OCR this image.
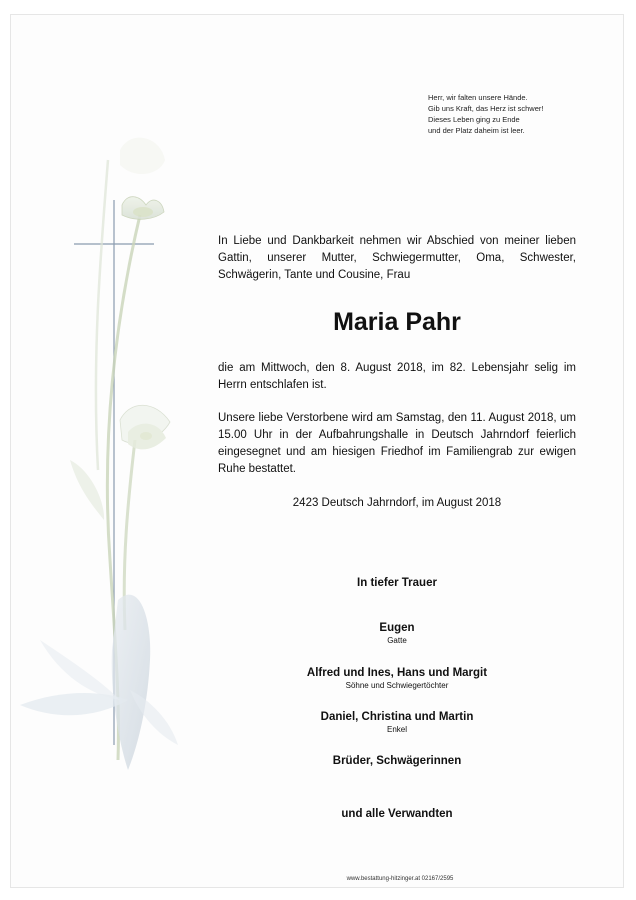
Herr, wir falten unsere Hände.
Gib uns Kraft, das Herz ist schwer!
Dieses Leben ging zu Ende
und der Platz daheim ist leer.
In Liebe und Dankbarkeit nehmen wir Abschied von meiner lieben Gattin, unserer Mutter, Schwiegermutter, Oma, Schwester, Schwägerin, Tante und Cousine, Frau
Maria Pahr
die am Mittwoch, den 8. August 2018, im 82. Lebensjahr selig im Herrn entschlafen ist.
Unsere liebe Verstorbene wird am Samstag, den 11. August 2018, um 15.00 Uhr in der Aufbahrungshalle in Deutsch Jahrndorf feierlich eingesegnet und am hiesigen Friedhof im Familiengrab zur ewigen Ruhe bestattet.
2423 Deutsch Jahrndorf, im August 2018
In tiefer Trauer
Eugen
Gatte
Alfred und Ines, Hans und Margit
Söhne und Schwiegertöchter
Daniel, Christina und Martin
Enkel
Brüder, Schwägerinnen
und alle Verwandten
www.bestattung-hitzinger.at 02167/2595
